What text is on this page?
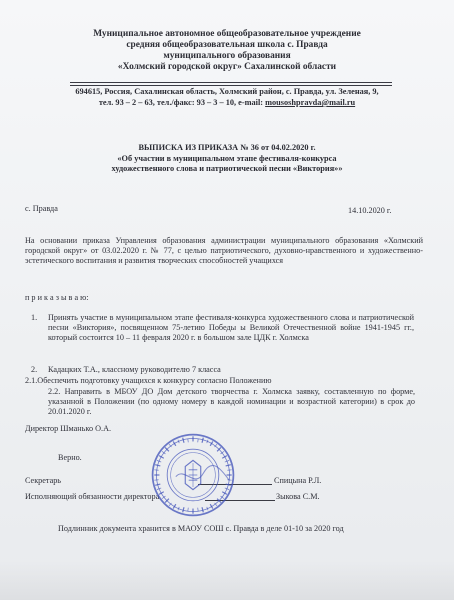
Муниципальное автономное общеобразовательное учреждение
средняя общеобразовательная школа с. Правда
муниципального образования
«Холмский городской округ» Сахалинской области
694615, Россия, Сахалинская область, Холмский район, с. Правда, ул. Зеленая, 9,
тел. 93 – 2 – 63, тел./факс: 93 – 3 – 10, e-mail: mousoshpravda@mail.ru
ВЫПИСКА ИЗ ПРИКАЗА № 36 от 04.02.2020 г.
«Об участии в муниципальном этапе фестиваля-конкурса
художественного слова и патриотической песни «Виктория»»
с. Правда	14.10.2020 г.
На основании приказа Управления образования администрации муниципального образования «Холмский городской округ» от 03.02.2020 г. № 77, с целью патриотического, духовно-нравственного и художественно-эстетического воспитания и развития творческих способностей учащихся
п р и к а з ы в а ю:
1. Принять участие в муниципальном этапе фестиваля-конкурса художественного слова и патриотической песни «Виктория», посвященном 75-летию Победы ы Великой Отечественной войне 1941-1945 гг., который состоится 10 – 11 февраля 2020 г. в большом зале ЦДК г. Холмска
2. Кадацких Т.А., классному руководителю 7 класса
2.1.Обеспечить подготовку учащихся к конкурсу согласно Положению
2.2. Направить в МБОУ ДО Дом детского творчества г. Холмска заявку, составленную по форме, указанной в Положении (по одному номеру в каждой номинации и возрастной категории) в срок до 20.01.2020 г.
Директор Шманько О.А.
Верно.
Секретарь	Спицына Р.Л.
Исполняющий обязанности директора	Зыкова С.М.
Подлинник документа хранится в МАОУ СОШ с. Правда в деле 01-10 за 2020 год
